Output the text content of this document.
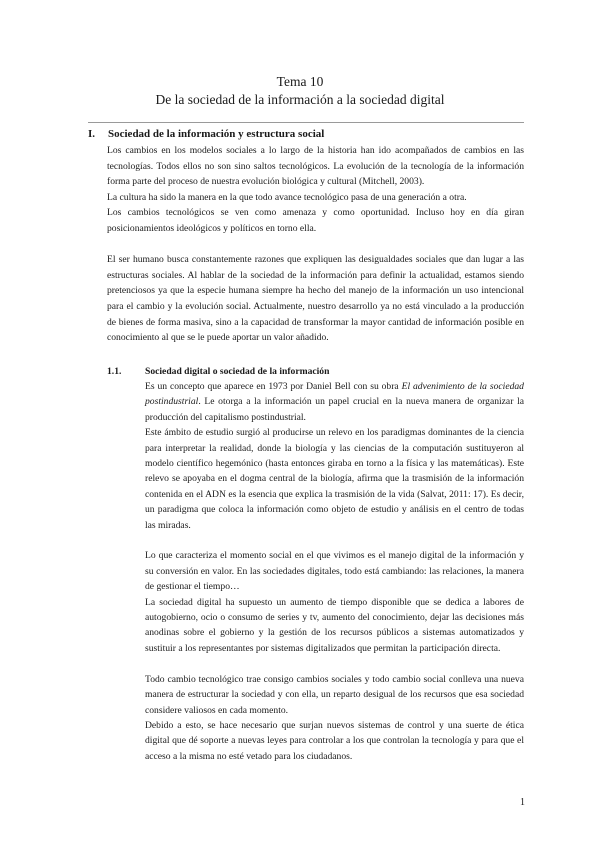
Tema 10
De la sociedad de la información a la sociedad digital
I. Sociedad de la información y estructura social

Los cambios en los modelos sociales a lo largo de la historia han ido acompañados de cambios en las tecnologías. Todos ellos no son sino saltos tecnológicos. La evolución de la tecnología de la información forma parte del proceso de nuestra evolución biológica y cultural (Mitchell, 2003).

La cultura ha sido la manera en la que todo avance tecnológico pasa de una generación a otra.

Los cambios tecnológicos se ven como amenaza y como oportunidad. Incluso hoy en día giran posicionamientos ideológicos y políticos en torno ella.

El ser humano busca constantemente razones que expliquen las desigualdades sociales que dan lugar a las estructuras sociales. Al hablar de la sociedad de la información para definir la actualidad, estamos siendo pretenciosos ya que la especie humana siempre ha hecho del manejo de la información un uso intencional para el cambio y la evolución social. Actualmente, nuestro desarrollo ya no está vinculado a la producción de bienes de forma masiva, sino a la capacidad de transformar la mayor cantidad de información posible en conocimiento al que se le puede aportar un valor añadido.

1.1. Sociedad digital o sociedad de la información

Es un concepto que aparece en 1973 por Daniel Bell con su obra El advenimiento de la sociedad postindustrial. Le otorga a la información un papel crucial en la nueva manera de organizar la producción del capitalismo postindustrial.

Este ámbito de estudio surgió al producirse un relevo en los paradigmas dominantes de la ciencia para interpretar la realidad, donde la biología y las ciencias de la computación sustituyeron al modelo científico hegemónico (hasta entonces giraba en torno a la física y las matemáticas). Este relevo se apoyaba en el dogma central de la biología, afirma que la trasmisión de la información contenida en el ADN es la esencia que explica la trasmisión de la vida (Salvat, 2011: 17). Es decir, un paradigma que coloca la información como objeto de estudio y análisis en el centro de todas las miradas.

Lo que caracteriza el momento social en el que vivimos es el manejo digital de la información y su conversión en valor. En las sociedades digitales, todo está cambiando: las relaciones, la manera de gestionar el tiempo…

La sociedad digital ha supuesto un aumento de tiempo disponible que se dedica a labores de autogobierno, ocio o consumo de series y tv, aumento del conocimiento, dejar las decisiones más anodinas sobre el gobierno y la gestión de los recursos públicos a sistemas automatizados y sustituir a los representantes por sistemas digitalizados que permitan la participación directa.

Todo cambio tecnológico trae consigo cambios sociales y todo cambio social conlleva una nueva manera de estructurar la sociedad y con ella, un reparto desigual de los recursos que esa sociedad considere valiosos en cada momento.

Debido a esto, se hace necesario que surjan nuevos sistemas de control y una suerte de ética digital que dé soporte a nuevas leyes para controlar a los que controlan la tecnología y para que el acceso a la misma no esté vetado para los ciudadanos.

1
